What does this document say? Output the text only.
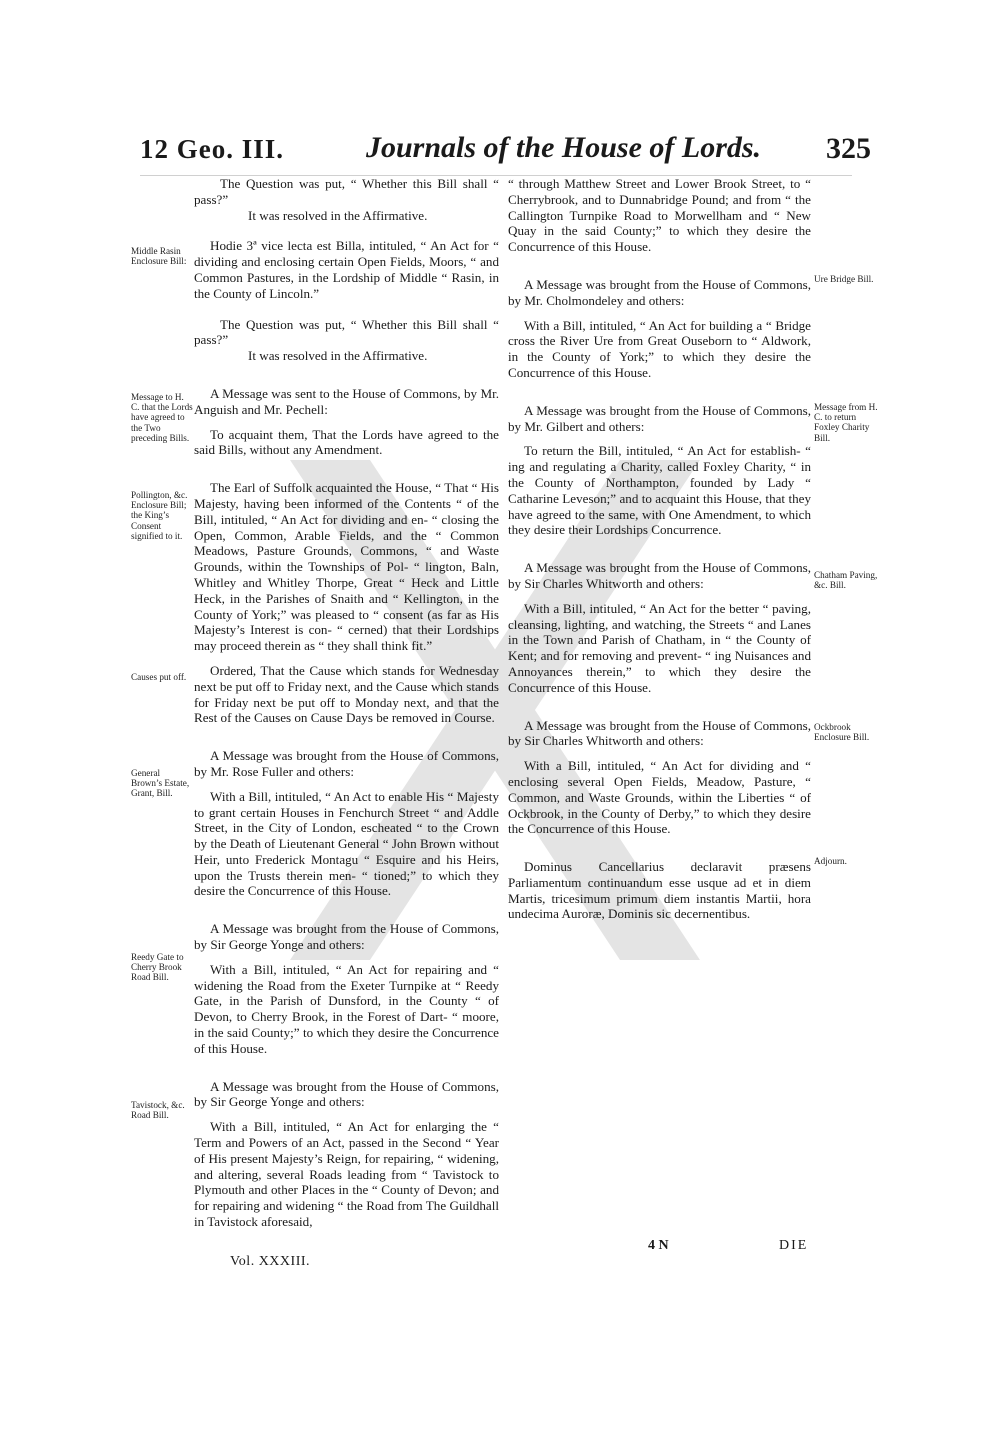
12 Geo. III.	Journals of the House of Lords. 325

The Question was put, “ Whether this Bill shall “ pass?”

It was resolved in the Affirmative.

Hodie 3ª vice lecta est Billa, intituled, “ An Act for “ dividing and enclosing certain Open Fields, Moors, “ and Common Pastures, in the Lordship of Middle “ Rasin, in the County of Lincoln.”

The Question was put, “ Whether this Bill shall “ pass?”

It was resolved in the Affirmative.

A Message was sent to the House of Commons, by Mr. Anguish and Mr. Pechell:

To acquaint them, That the Lords have agreed to the said Bills, without any Amendment.

The Earl of Suffolk acquainted the House, “ That “ His Majesty, having been informed of the Contents “ of the Bill, intituled, “ An Act for dividing and en- “ closing the Open, Common, Arable Fields, and the “ Common Meadows, Pasture Grounds, Commons, “ and Waste Grounds, within the Townships of Pol- “ lington, Baln, Whitley and Whitley Thorpe, Great “ Heck and Little Heck, in the Parishes of Snaith and “ Kellington, in the County of York;” was pleased to “ consent (as far as His Majesty’s Interest is con- “ cerned) that their Lordships may proceed therein as “ they shall think fit.”

Ordered, That the Cause which stands for Wednesday next be put off to Friday next, and the Cause which stands for Friday next be put off to Monday next, and that the Rest of the Causes on Cause Days be removed in Course.

A Message was brought from the House of Commons, by Mr. Rose Fuller and others:

With a Bill, intituled, “ An Act to enable His “ Majesty to grant certain Houses in Fenchurch Street “ and Addle Street, in the City of London, escheated “ to the Crown by the Death of Lieutenant General “ John Brown without Heir, unto Frederick Montagu “ Esquire and his Heirs, upon the Trusts therein men- “ tioned;” to which they desire the Concurrence of this House.

A Message was brought from the House of Commons, by Sir George Yonge and others:

With a Bill, intituled, “ An Act for repairing and “ widening the Road from the Exeter Turnpike at “ Reedy Gate, in the Parish of Dunsford, in the County “ of Devon, to Cherry Brook, in the Forest of Dart- “ moore, in the said County;” to which they desire the Concurrence of this House.

A Message was brought from the House of Commons, by Sir George Yonge and others:

With a Bill, intituled, “ An Act for enlarging the “ Term and Powers of an Act, passed in the Second “ Year of His present Majesty’s Reign, for repairing, “ widening, and altering, several Roads leading from “ Tavistock to Plymouth and other Places in the “ County of Devon; and for repairing and widening “ the Road from The Guildhall in Tavistock aforesaid,

“ through Matthew Street and Lower Brook Street, to “ Cherrybrook, and to Dunnabridge Pound; and from “ the Callington Turnpike Road to Morwellham and “ New Quay in the said County;” to which they desire the Concurrence of this House.

A Message was brought from the House of Commons, by Mr. Cholmondeley and others:

With a Bill, intituled, “ An Act for building a “ Bridge cross the River Ure from Great Ouseborn to “ Aldwork, in the County of York;” to which they desire the Concurrence of this House.

A Message was brought from the House of Commons, by Mr. Gilbert and others:

To return the Bill, intituled, “ An Act for establish- “ ing and regulating a Charity, called Foxley Charity, “ in the County of Northampton, founded by Lady “ Catharine Leveson;” and to acquaint this House, that they have agreed to the same, with One Amendment, to which they desire their Lordships Concurrence.

A Message was brought from the House of Commons, by Sir Charles Whitworth and others:

With a Bill, intituled, “ An Act for the better “ paving, cleansing, lighting, and watching, the Streets “ and Lanes in the Town and Parish of Chatham, in “ the County of Kent; and for removing and prevent- “ ing Nuisances and Annoyances therein,” to which they desire the Concurrence of this House.

A Message was brought from the House of Commons, by Sir Charles Whitworth and others:

With a Bill, intituled, “ An Act for dividing and “ enclosing several Open Fields, Meadow, Pasture, “ Common, and Waste Grounds, within the Liberties “ of Ockbrook, in the County of Derby,” to which they desire the Concurrence of this House.

Dominus Cancellarius declaravit præsens Parliamentum continuandum esse usque ad et in diem Martis, tricesimum primum diem instantis Martii, hora undecima Auroræ, Dominis sic decernentibus.

Middle Rasin Enclosure Bill:
Message to H. C. that the Lords have agreed to the Two preceding Bills.
Pollington, &c. Enclosure Bill; the King’s Consent signified to it.
Causes put off.
General Brown’s Estate, Grant, Bill.
Reedy Gate to Cherry Brook Road Bill.
Tavistock, &c. Road Bill.
Ure Bridge Bill.
Message from H. C. to return Foxley Charity Bill.
Chatham Paving, &c. Bill.
Ockbrook Enclosure Bill.
Adjourn.
Vol. XXXIII.
4 N	DIE
